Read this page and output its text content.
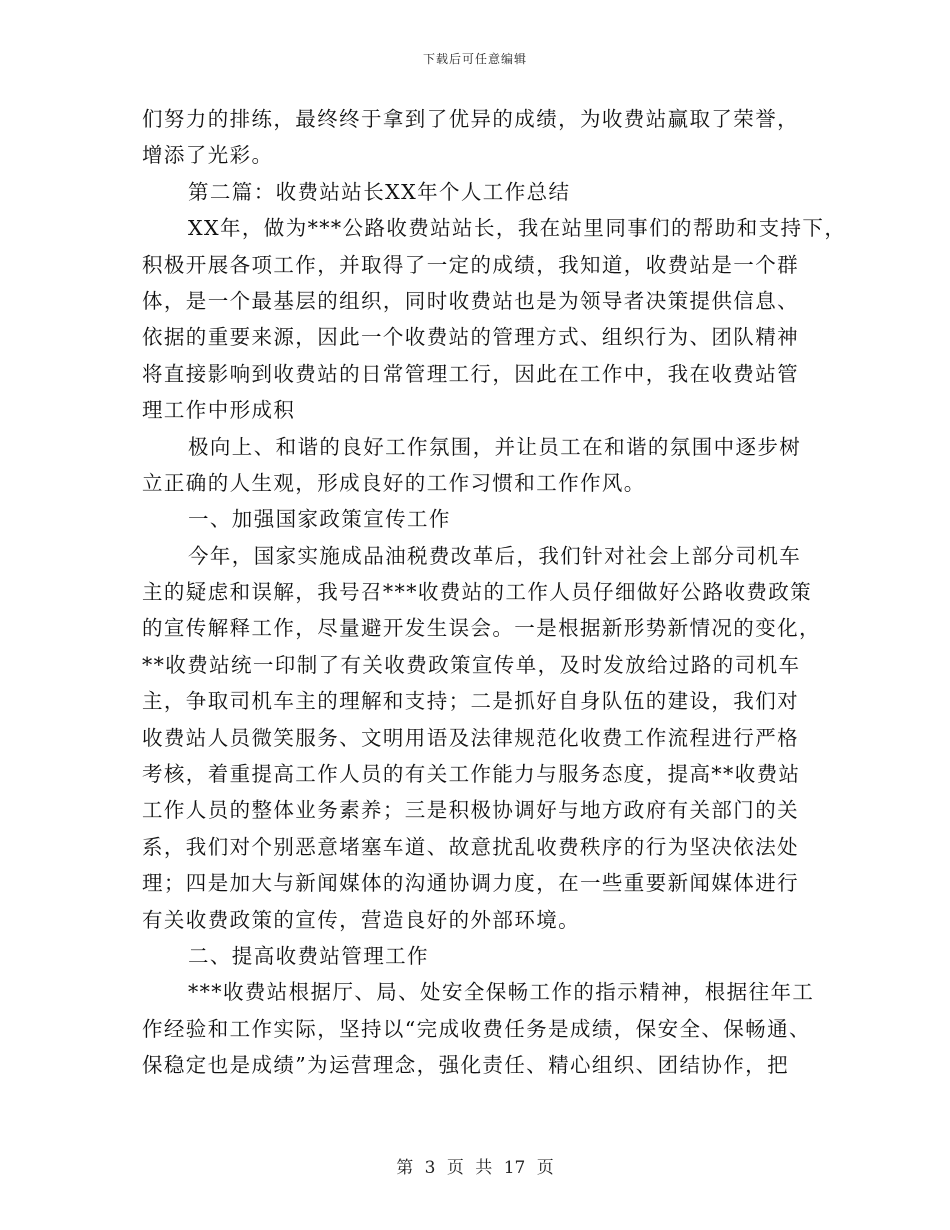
下载后可任意编辑
们努力的排练，最终终于拿到了优异的成绩，为收费站赢取了荣誉，
增添了光彩。
第二篇：收费站站长XX年个人工作总结
XX年，做为***公路收费站站长，我在站里同事们的帮助和支持下，
积极开展各项工作，并取得了一定的成绩，我知道，收费站是一个群
体，是一个最基层的组织，同时收费站也是为领导者决策提供信息、
依据的重要来源，因此一个收费站的管理方式、组织行为、团队精神
将直接影响到收费站的日常管理工行，因此在工作中，我在收费站管
理工作中形成积
极向上、和谐的良好工作氛围，并让员工在和谐的氛围中逐步树
立正确的人生观，形成良好的工作习惯和工作作风。
一、加强国家政策宣传工作
今年，国家实施成品油税费改革后，我们针对社会上部分司机车
主的疑虑和误解，我号召***收费站的工作人员仔细做好公路收费政策
的宣传解释工作，尽量避开发生误会。一是根据新形势新情况的变化，
**收费站统一印制了有关收费政策宣传单，及时发放给过路的司机车
主，争取司机车主的理解和支持；二是抓好自身队伍的建设，我们对
收费站人员微笑服务、文明用语及法律规范化收费工作流程进行严格
考核，着重提高工作人员的有关工作能力与服务态度，提高**收费站
工作人员的整体业务素养；三是积极协调好与地方政府有关部门的关
系，我们对个别恶意堵塞车道、故意扰乱收费秩序的行为坚决依法处
理；四是加大与新闻媒体的沟通协调力度，在一些重要新闻媒体进行
有关收费政策的宣传，营造良好的外部环境。
二、提高收费站管理工作
***收费站根据厅、局、处安全保畅工作的指示精神，根据往年工
作经验和工作实际，坚持以“完成收费任务是成绩，保安全、保畅通、
保稳定也是成绩”为运营理念，强化责任、精心组织、团结协作，把
第 3 页 共 17 页
